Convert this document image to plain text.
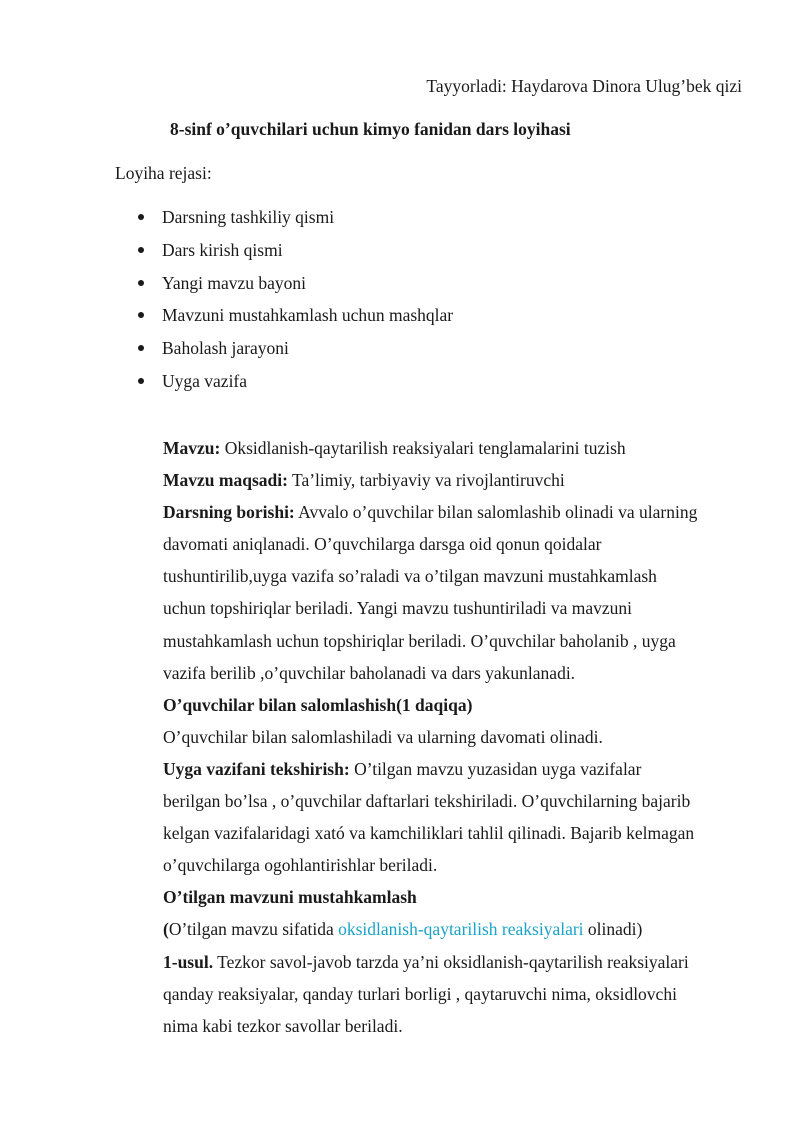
Tayyorladi: Haydarova Dinora Ulug’bek qizi
8-sinf o’quvchilari uchun kimyo fanidan dars loyihasi
Loyiha rejasi:
Darsning tashkiliy qismi
Dars kirish qismi
Yangi mavzu bayoni
Mavzuni mustahkamlash uchun mashqlar
Baholash jarayoni
Uyga vazifa

Mavzu: Oksidlanish-qaytarilish reaksiyalari tenglamalarini tuzish

Mavzu maqsadi: Ta’limiy, tarbiyaviy va rivojlantiruvchi

Darsning borishi: Avvalo o’quvchilar bilan salomlashib olinadi va ularning
davomati aniqlanadi. O’quvchilarga darsga oid qonun qoidalar
tushuntirilib,uyga vazifa so’raladi va o’tilgan mavzuni mustahkamlash
uchun topshiriqlar beriladi. Yangi mavzu tushuntiriladi va mavzuni
mustahkamlash uchun topshiriqlar beriladi. O’quvchilar baholanib , uyga
vazifa berilib ,o’quvchilar baholanadi va dars yakunlanadi.

O’quvchilar bilan salomlashish(1 daqiqa)

O’quvchilar bilan salomlashiladi va ularning davomati olinadi.

Uyga vazifani tekshirish: O’tilgan mavzu yuzasidan uyga vazifalar
berilgan bo’lsa , o’quvchilar daftarlari tekshiriladi. O’quvchilarning bajarib
kelgan vazifalaridagi xató va kamchiliklari tahlil qilinadi. Bajarib kelmagan
o’quvchilarga ogohlantirishlar beriladi.

O’tilgan mavzuni mustahkamlash

(O’tilgan mavzu sifatida oksidlanish-qaytarilish reaksiyalari olinadi)

1-usul. Tezkor savol-javob tarzda ya’ni oksidlanish-qaytarilish reaksiyalari
qanday reaksiyalar, qanday turlari borligi , qaytaruvchi nima, oksidlovchi
nima kabi tezkor savollar beriladi.
